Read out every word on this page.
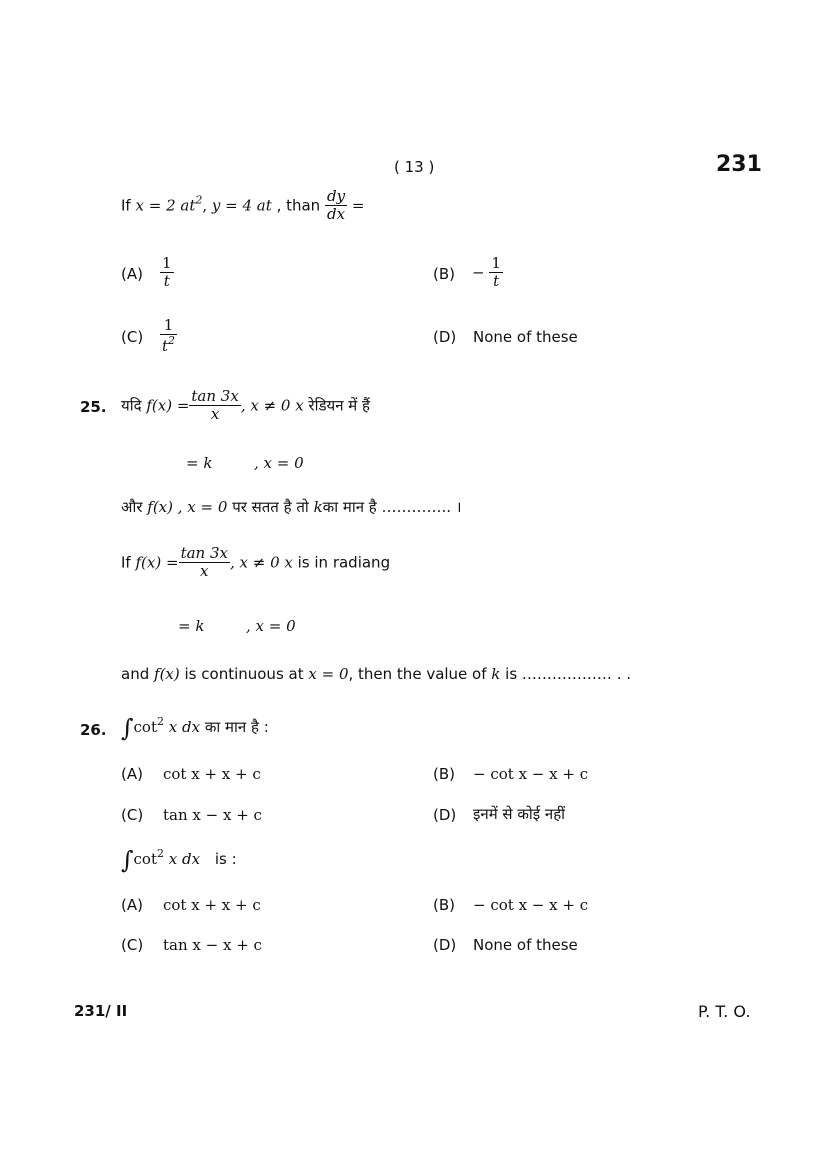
( 13 )	231
If x = 2 $at^2$, y = 4 at , than $\frac{dy}{dx}$ =
$(A) \frac{1}{t}$	$(B) - \frac{1}{t}$
$(C) \frac{1}{t^2}$	(D) None of these
25. यदि $f(x) = \frac{\tan 3x}{x}$ , x ≠ 0 x रेडियन में हैं
= k	, x = 0
और f(x) , x = 0 पर सतत है तो kका मान है ………….. ।
If $f(x) = \frac{\tan 3x}{x}$ , x ≠ 0 x is in radiang
= k	, x = 0
and f(x) is continuous at x = 0, then the value of k is ……………… . .
26. $\int\cot^2$ x dx का मान है :
(A) cot x + x + c	(B) − cot x − x + c
(C) tan x − x + c	(D) इनमें से कोई नहीं
$\int\cot^2$ x dx is :
(A) cot x + x + c	(B) − cot x − x + c
(C) tan x − x + c	(D) None of these
231/ II	P. T. O.
